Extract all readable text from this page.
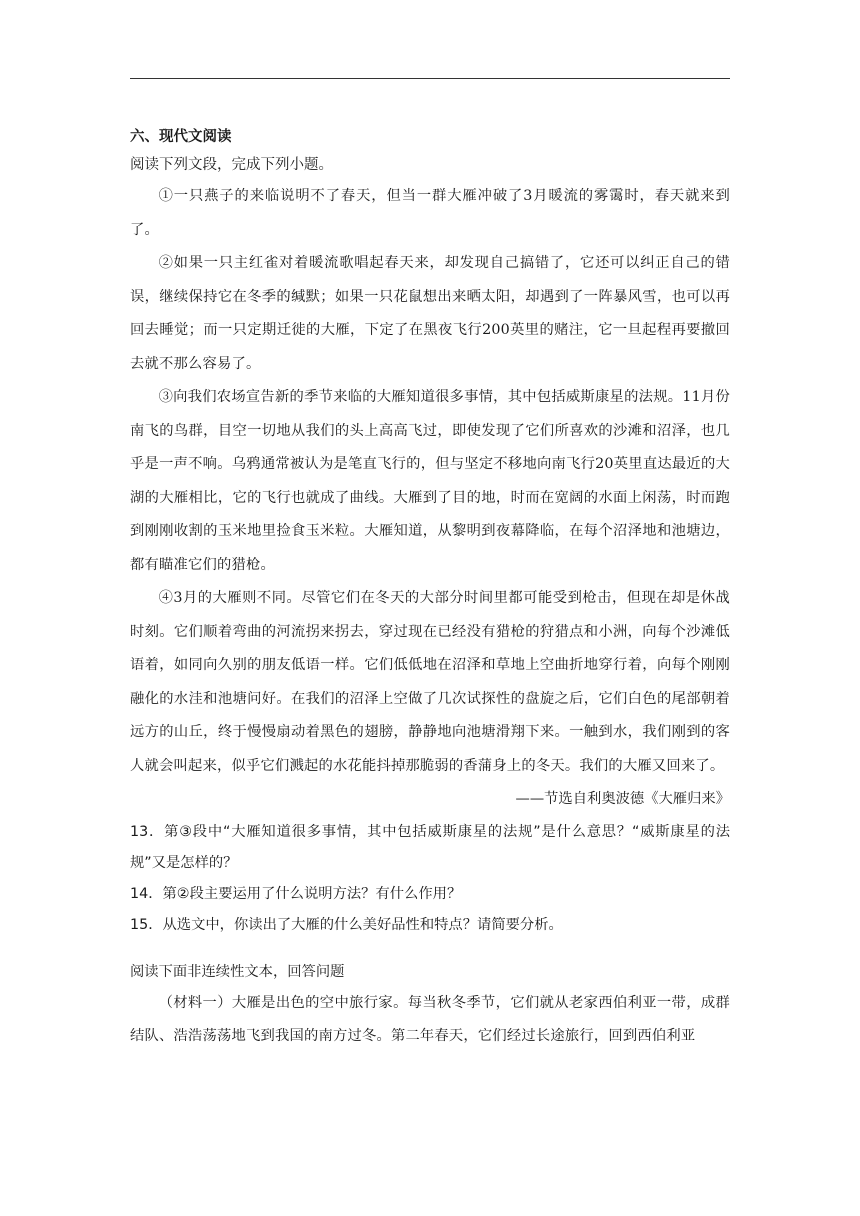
六、现代文阅读

阅读下列文段，完成下列小题。

①一只燕子的来临说明不了春天，但当一群大雁冲破了3月暖流的雾霭时，春天就来到了。

②如果一只主红雀对着暖流歌唱起春天来，却发现自己搞错了，它还可以纠正自己的错误，继续保持它在冬季的缄默；如果一只花鼠想出来晒太阳，却遇到了一阵暴风雪，也可以再回去睡觉；而一只定期迁徙的大雁，下定了在黑夜飞行200英里的赌注，它一旦起程再要撤回去就不那么容易了。

③向我们农场宣告新的季节来临的大雁知道很多事情，其中包括威斯康星的法规。11月份南飞的鸟群，目空一切地从我们的头上高高飞过，即使发现了它们所喜欢的沙滩和沼泽，也几乎是一声不响。乌鸦通常被认为是笔直飞行的，但与坚定不移地向南飞行20英里直达最近的大湖的大雁相比，它的飞行也就成了曲线。大雁到了目的地，时而在宽阔的水面上闲荡，时而跑到刚刚收割的玉米地里捡食玉米粒。大雁知道，从黎明到夜幕降临，在每个沼泽地和池塘边，都有瞄准它们的猎枪。

④3月的大雁则不同。尽管它们在冬天的大部分时间里都可能受到枪击，但现在却是休战时刻。它们顺着弯曲的河流拐来拐去，穿过现在已经没有猎枪的狩猎点和小洲，向每个沙滩低语着，如同向久别的朋友低语一样。它们低低地在沼泽和草地上空曲折地穿行着，向每个刚刚融化的水洼和池塘问好。在我们的沼泽上空做了几次试探性的盘旋之后，它们白色的尾部朝着远方的山丘，终于慢慢扇动着黑色的翅膀，静静地向池塘滑翔下来。一触到水，我们刚到的客人就会叫起来，似乎它们溅起的水花能抖掉那脆弱的香蒲身上的冬天。我们的大雁又回来了。

——节选自利奥波德《大雁归来》

13．第③段中“大雁知道很多事情，其中包括威斯康星的法规”是什么意思？“威斯康星的法规”又是怎样的？

14．第②段主要运用了什么说明方法？有什么作用？

15．从选文中，你读出了大雁的什么美好品性和特点？请简要分析。

阅读下面非连续性文本，回答问题

（材料一）大雁是出色的空中旅行家。每当秋冬季节，它们就从老家西伯利亚一带，成群结队、浩浩荡荡地飞到我国的南方过冬。第二年春天，它们经过长途旅行，回到西伯利亚
